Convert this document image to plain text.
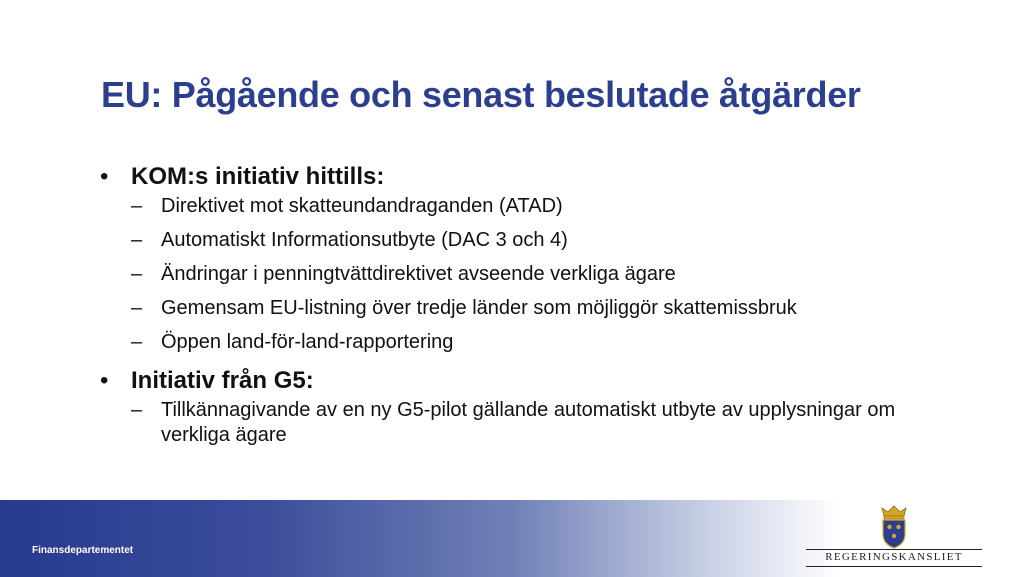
EU: Pågående och senast beslutade åtgärder
• KOM:s initiativ hittills:
– Direktivet mot skatteundandraganden (ATAD)
– Automatiskt Informationsutbyte (DAC 3 och 4)
– Ändringar i penningtvättdirektivet avseende verkliga ägare
– Gemensam EU-listning över tredje länder som möjliggör skattemissbruk
– Öppen land-för-land-rapportering
• Initiativ från G5:
– Tillkännagivande av en ny G5-pilot gällande automatiskt utbyte av upplysningar om verkliga ägare
Finansdepartementet
REGERINGSKANSLIET
